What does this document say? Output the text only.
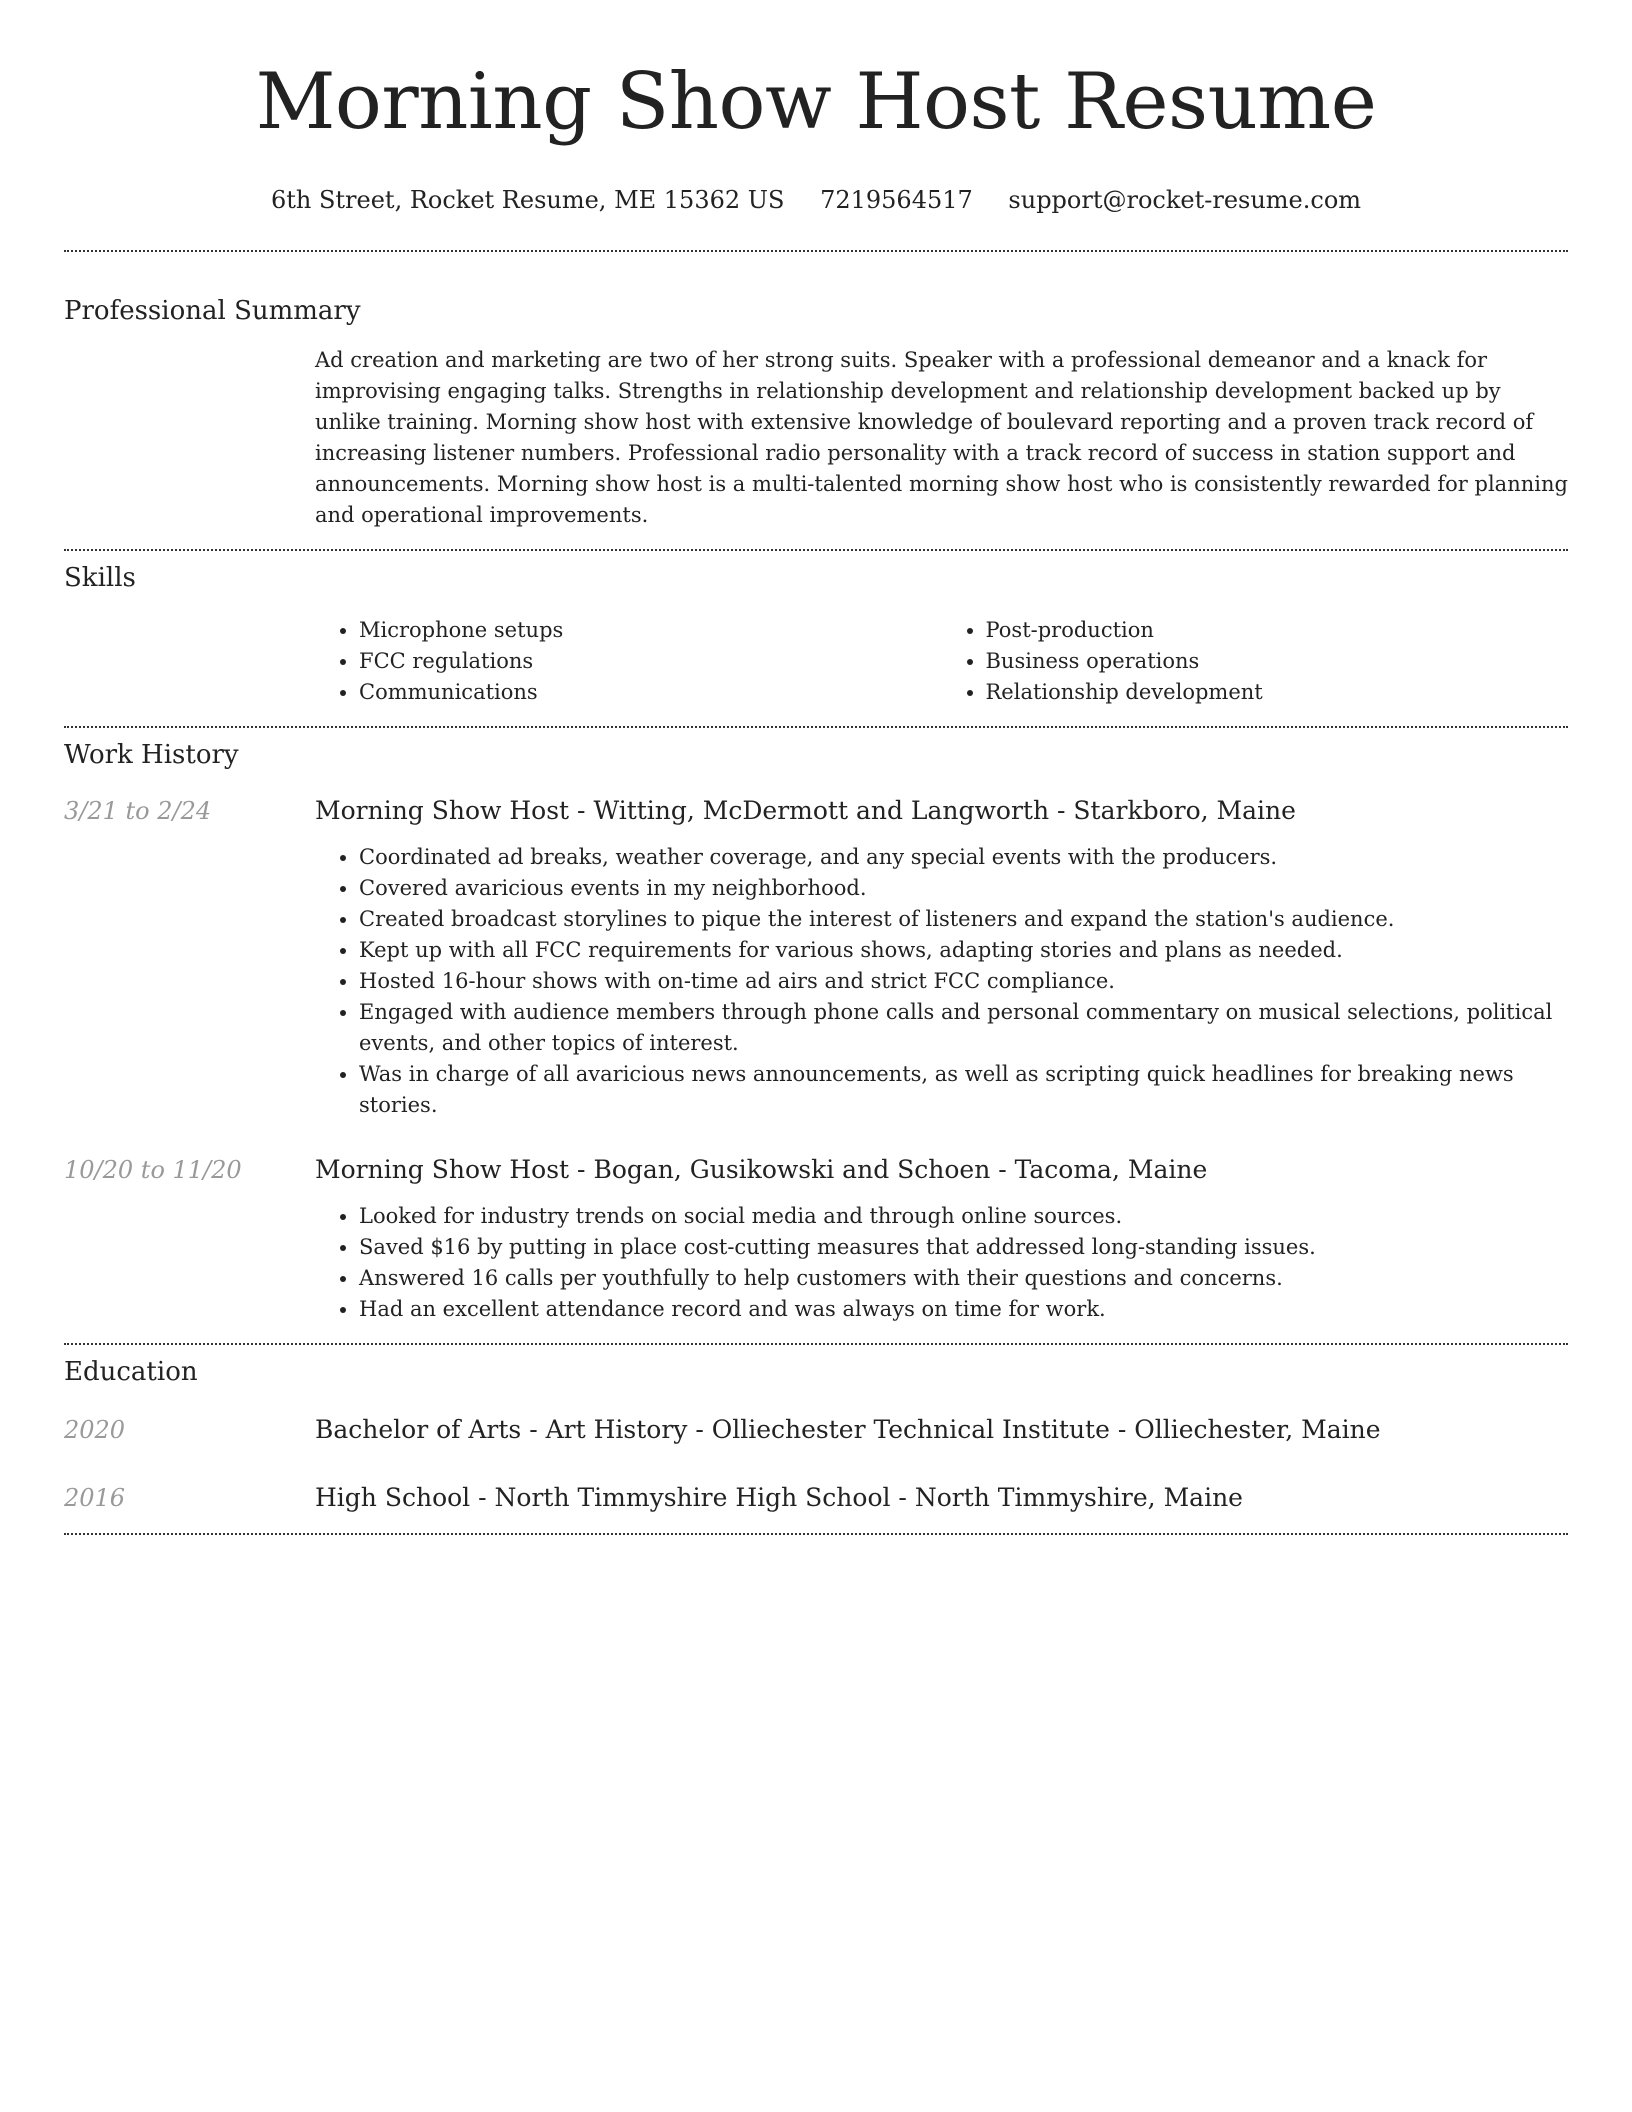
Morning Show Host Resume
6th Street, Rocket Resume, ME 15362 US 7219564517 support@rocket-resume.com
Professional Summary
Ad creation and marketing are two of her strong suits. Speaker with a professional demeanor and a knack for improvising engaging talks. Strengths in relationship development and relationship development backed up by unlike training. Morning show host with extensive knowledge of boulevard reporting and a proven track record of increasing listener numbers. Professional radio personality with a track record of success in station support and announcements. Morning show host is a multi-talented morning show host who is consistently rewarded for planning and operational improvements.
Skills
• Microphone setups
• FCC regulations
• Communications
• Post-production
• Business operations
• Relationship development
Work History
3/21 to 2/24	Morning Show Host - Witting, McDermott and Langworth - Starkboro, Maine
• Coordinated ad breaks, weather coverage, and any special events with the producers.
• Covered avaricious events in my neighborhood.
• Created broadcast storylines to pique the interest of listeners and expand the station's audience.
• Kept up with all FCC requirements for various shows, adapting stories and plans as needed.
• Hosted 16-hour shows with on-time ad airs and strict FCC compliance.
• Engaged with audience members through phone calls and personal commentary on musical selections, political events, and other topics of interest.
• Was in charge of all avaricious news announcements, as well as scripting quick headlines for breaking news stories.
10/20 to 11/20	Morning Show Host - Bogan, Gusikowski and Schoen - Tacoma, Maine
• Looked for industry trends on social media and through online sources.
• Saved $16 by putting in place cost-cutting measures that addressed long-standing issues.
• Answered 16 calls per youthfully to help customers with their questions and concerns.
• Had an excellent attendance record and was always on time for work.
Education
2020	Bachelor of Arts - Art History - Olliechester Technical Institute - Olliechester, Maine
2016	High School - North Timmyshire High School - North Timmyshire, Maine
